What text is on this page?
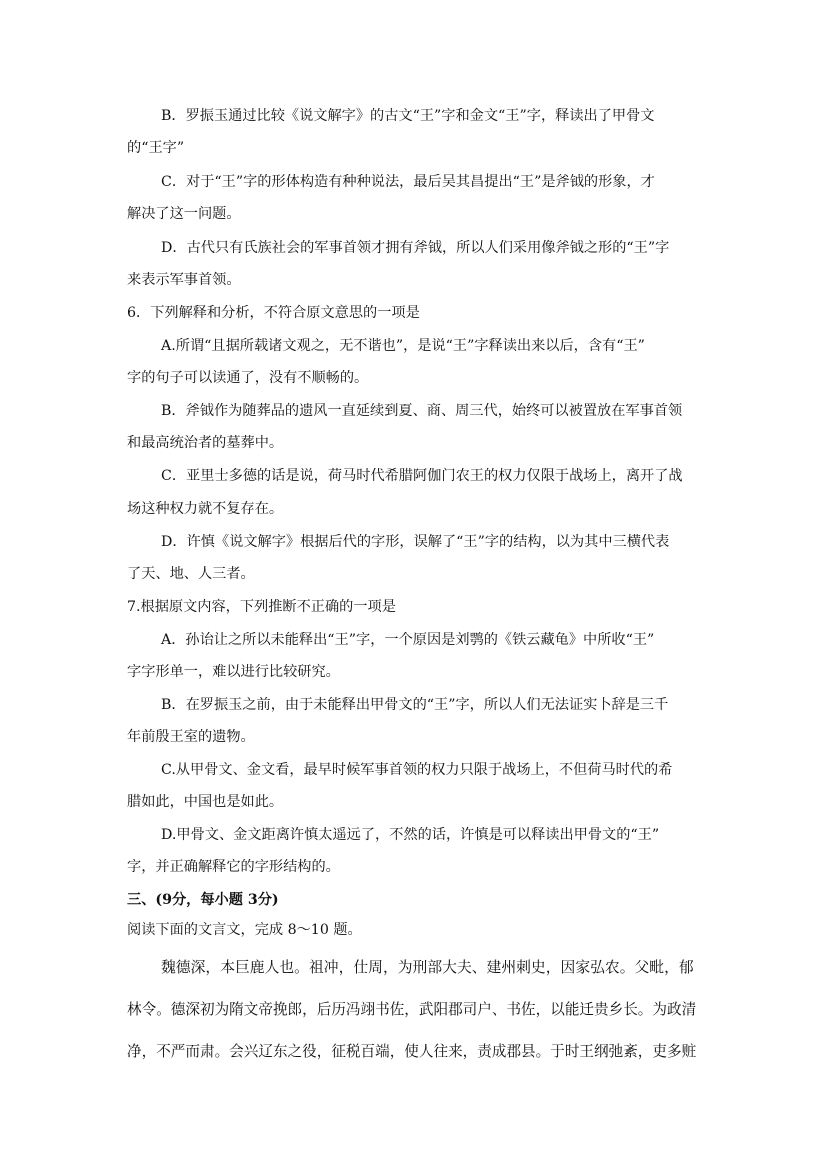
B．罗振玉通过比较《说文解字》的古文“王”字和金文“王”字，释读出了甲骨文

的“王字”

C．对于“王”字的形体构造有种种说法，最后吴其昌提出“王”是斧钺的形象，才

解决了这一问题。

D．古代只有氏族社会的军事首领才拥有斧钺，所以人们采用像斧钺之形的“王”字

来表示军事首领。

6．下列解释和分析，不符合原文意思的一项是

A.所谓“且据所载诸文观之，无不谐也”，是说“王”字释读出来以后，含有“王”

字的句子可以读通了，没有不顺畅的。

B．斧钺作为随葬品的遗风一直延续到夏、商、周三代，始终可以被置放在军事首领

和最高统治者的墓葬中。

C．亚里士多德的话是说，荷马时代希腊阿伽门农王的权力仅限于战场上，离开了战

场这种权力就不复存在。

D．许慎《说文解字》根据后代的字形，误解了“王”字的结构，以为其中三横代表

了天、地、人三者。

7.根据原文内容，下列推断不正确的一项是

A．孙诒让之所以未能释出“王”字，一个原因是刘鹗的《铁云藏龟》中所收“王”

字字形单一，难以进行比较研究。

B．在罗振玉之前，由于未能释出甲骨文的“王”字，所以人们无法证实卜辞是三千

年前殷王室的遗物。

C.从甲骨文、金文看，最早时候军事首领的权力只限于战场上，不但荷马时代的希

腊如此，中国也是如此。

D.甲骨文、金文距离许慎太遥远了，不然的话，许慎是可以释读出甲骨文的“王”

字，并正确解释它的字形结构的。

三、(9分，每小题 3分)

阅读下面的文言文，完成 8～10 题。

魏德深，本巨鹿人也。祖冲，仕周，为刑部大夫、建州刺史，因家弘农。父毗，郁

林令。德深初为隋文帝挽郎，后历冯翊书佐，武阳郡司户、书佐，以能迁贵乡长。为政清

净，不严而肃。会兴辽东之役，征税百端，使人往来，责成郡县。于时王纲弛紊，吏多赃
